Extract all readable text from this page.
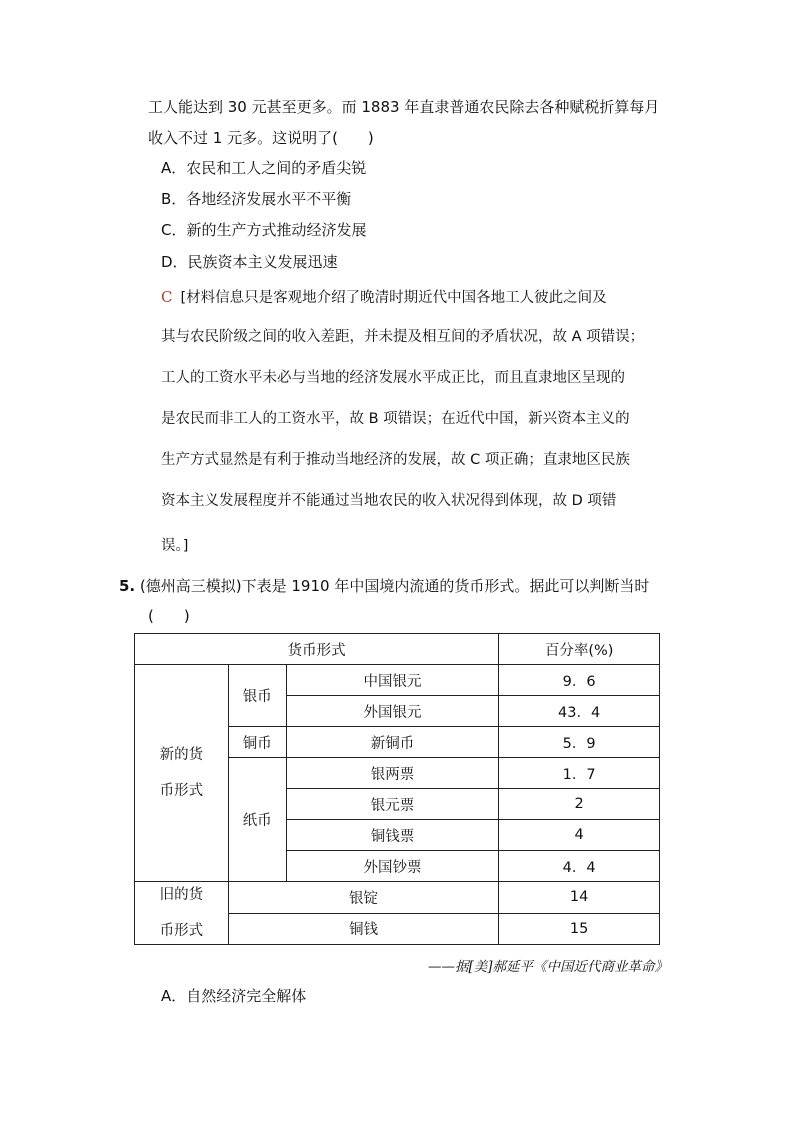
工人能达到 30 元甚至更多。而 1883 年直隶普通农民除去各种赋税折算每月
收入不过 1 元多。这说明了(　　)
A．农民和工人之间的矛盾尖锐
B．各地经济发展水平不平衡
C．新的生产方式推动经济发展
D．民族资本主义发展迅速
C [材料信息只是客观地介绍了晚清时期近代中国各地工人彼此之间及
其与农民阶级之间的收入差距，并未提及相互间的矛盾状况，故 A 项错误；
工人的工资水平未必与当地的经济发展水平成正比，而且直隶地区呈现的
是农民而非工人的工资水平，故 B 项错误；在近代中国，新兴资本主义的
生产方式显然是有利于推动当地经济的发展，故 C 项正确；直隶地区民族
资本主义发展程度并不能通过当地农民的收入状况得到体现，故 D 项错
误。]
5. (德州高三模拟)下表是 1910 年中国境内流通的货币形式。据此可以判断当时
(　　)
货币形式			百分率(%)

新的货
币形式	银币	中国银元	9．6
		外国银元	43．4
	铜币	新铜币	5．9
	纸币	银两票	1．7
		银元票	2
		铜钱票	4
		外国钞票	4．4

旧的货
币形式	银锭		14
	铜钱		15
——据[美]郝延平《中国近代商业革命》
A．自然经济完全解体
